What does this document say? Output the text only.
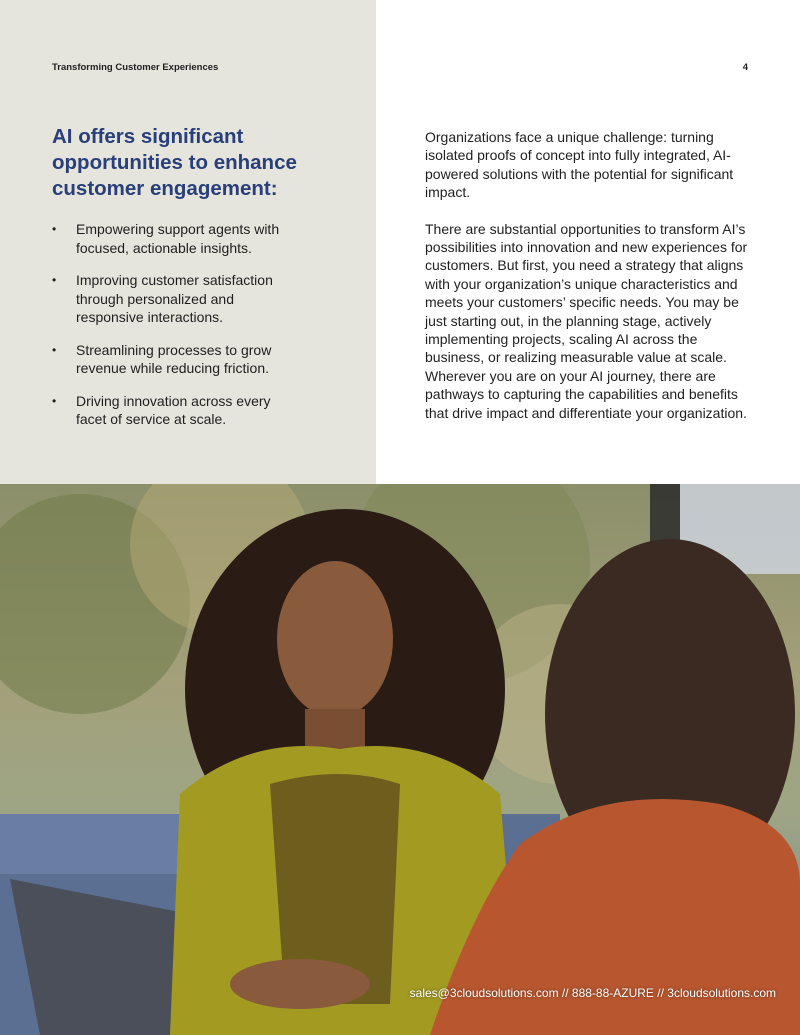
Transforming Customer Experiences	4
AI offers significant opportunities to enhance customer engagement:
• Empowering support agents with focused, actionable insights.
• Improving customer satisfaction through personalized and responsive interactions.
• Streamlining processes to grow revenue while reducing friction.
• Driving innovation across every facet of service at scale.

Organizations face a unique challenge: turning isolated proofs of concept into fully integrated, AI-powered solutions with the potential for significant impact.

There are substantial opportunities to transform AI’s possibilities into innovation and new experiences for customers. But first, you need a strategy that aligns with your organization’s unique characteristics and meets your customers’ specific needs. You may be just starting out, in the planning stage, actively implementing projects, scaling AI across the business, or realizing measurable value at scale. Wherever you are on your AI journey, there are pathways to capturing the capabilities and benefits that drive impact and differentiate your organization.

sales@3cloudsolutions.com // 888-88-AZURE // 3cloudsolutions.com
